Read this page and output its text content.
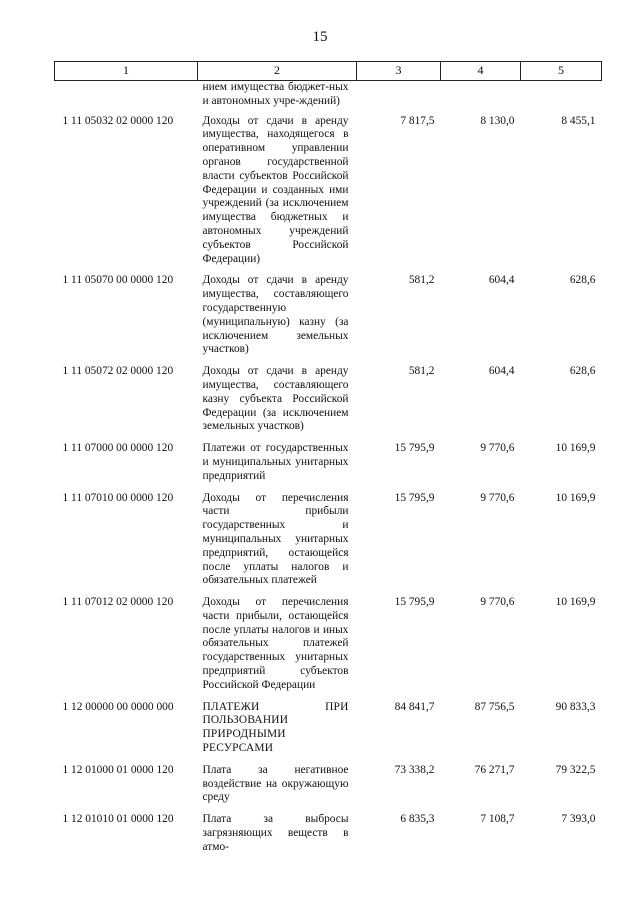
15
1	2	3	4	5
	нием имущества бюджет-ных и автономных учре-ждений)			
1 11 05032 02 0000 120	Доходы от сдачи в аренду имущества, находящегося в оперативном управлении органов государственной власти субъектов Российской Федерации и созданных ими учреждений (за исключением имущества бюджетных и автономных учреждений субъектов Российской Федерации)	7 817,5	8 130,0	8 455,1
1 11 05070 00 0000 120	Доходы от сдачи в аренду имущества, составляющего государственную (муниципальную) казну (за исключением земельных участков)	581,2	604,4	628,6
1 11 05072 02 0000 120	Доходы от сдачи в аренду имущества, составляющего казну субъекта Российской Федерации (за исключением земельных участков)	581,2	604,4	628,6
1 11 07000 00 0000 120	Платежи от государственных и муниципальных унитарных предприятий	15 795,9	9 770,6	10 169,9
1 11 07010 00 0000 120	Доходы от перечисления части прибыли государственных и муниципальных унитарных предприятий, остающейся после уплаты налогов и обязательных платежей	15 795,9	9 770,6	10 169,9
1 11 07012 02 0000 120	Доходы от перечисления части прибыли, остающейся после уплаты налогов и иных обязательных платежей государственных унитарных предприятий субъектов Российской Федерации	15 795,9	9 770,6	10 169,9
1 12 00000 00 0000 000	ПЛАТЕЖИ ПРИ ПОЛЬЗОВАНИИ ПРИРОДНЫМИ РЕСУРСАМИ	84 841,7	87 756,5	90 833,3
1 12 01000 01 0000 120	Плата за негативное воздействие на окружающую среду	73 338,2	76 271,7	79 322,5
1 12 01010 01 0000 120	Плата за выбросы загрязняющих веществ в атмо-	6 835,3	7 108,7	7 393,0
